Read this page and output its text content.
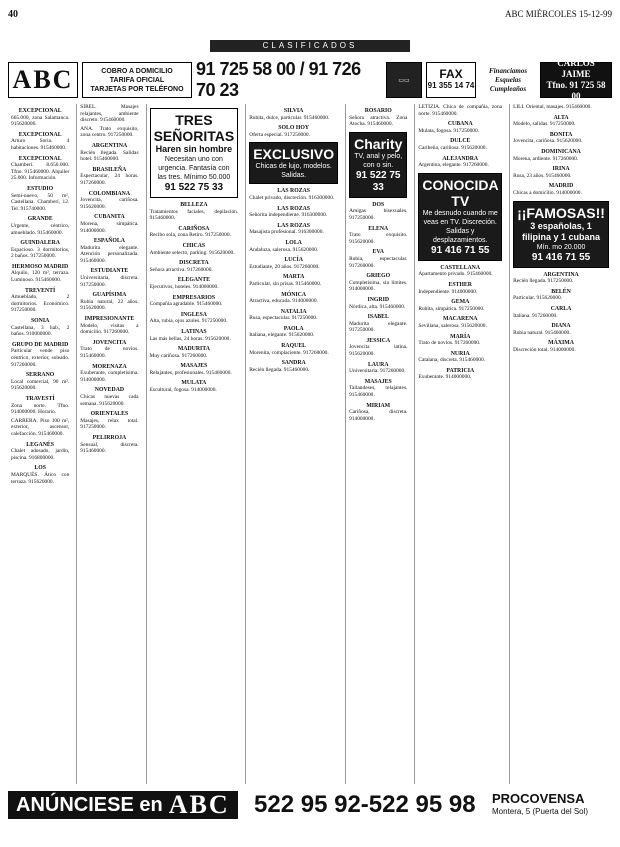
40	ABC MIÉRCOLES 15-12-99
CLASIFICADOS
ABC	COBRO A DOMICILIO
TARIFA OFICIAL
TARJETAS POR TELÉFONO
91 725 58 00 / 91 726 70 23	▭▭	FAX
91 355 14 74
Financiamos
Esquelas
Cumpleaños
CARLOS
JAIME
Tfno. 91 725 58 00
EXCEPCIONAL
665.000, zona Salamanca. 915620006.
EXCEPCIONAL
Arturo Soria. 4 habitaciones. 915460000.
EXCEPCIONAL
Chamberí. 8.650.000. Tfno. 915460000. Alquiler 25.000. Información.
ESTUDIO
Semi-nuevo, 50 m², Castellana. Chamberí, 12. Tel. 915740000.
GRANDE
Urgente, céntrico, amueblado. 915460000.
GUINDALERA
Espacioso. 3 dormitorios, 2 baños. 917250000.
HERMOSO MADRID
Alquilo, 120 m², terraza. Luminoso. 915460000.
TREVENTÍ
Amueblado, 2 dormitorios. Económico. 917250000.
SONIA
Castellana, 3 hab., 2 baños. 910000000.
GRUPO DE MADRID
Particular vende piso céntrico, exterior, soleado. 917260000.
SERRANO
Local comercial, 90 m². 915620000.
TRAVESTÍ
Zona norte. Tfno. 914000000. Horario.
CARRERA. Piso 100 m², exterior, ascensor, calefacción. 915460000.
LEGANÉS
Chalet adosado, jardín, piscina. 916800000.
LOS
MARQUÉS. Ático con terraza. 915620000.
SIREL. Masajes relajantes, ambiente discreto. 915460000.
ANA. Trato exquisito, zona centro. 917250000.
ARGENTINA
Recién llegada. Salidas hotel. 915460000.
BRASILEÑA
Espectacular, 24 horas. 917260000.
COLOMBIANA
Jovencita, cariñosa. 915620000.
CUBANITA
Morena, simpática. 914000000.
ESPAÑOLA
Madurita elegante. Atención personalizada. 915460000.
ESTUDIANTE
Universitaria, discreta. 917250000.
GUAPÍSIMA
Rubia natural, 22 años. 915620000.
IMPRESIONANTE
Modelo, visitas a domicilio. 917260000.
JOVENCITA
Trato de novios. 915460000.
MORENAZA
Exuberante, completísima. 914000000.
NOVEDAD
Chicas nuevas cada semana. 915620000.
ORIENTALES
Masajes, relax total. 917250000.
PELIRROJA
Sensual, discreta. 915460000.
TRES SEÑORITAS
Haren sin hombre
Necesitan uno con urgencia. Fantasía con las tres. Mínimo 50.000
91 522 75 33
BELLEZA
Tratamientos faciales, depilación. 915460000.
CARIÑOSA
Recibo sola, zona Retiro. 917250000.
CHICAS
Ambiente selecto, parking. 915620000.
DISCRETA
Señora atractiva. 917260000.
ELEGANTE
Ejecutivos, hoteles. 914000000.
EMPRESARIOS
Compañía agradable. 915460000.
INGLESA
Alta, rubia, ojos azules. 917250000.
LATINAS
Las más bellas, 24 horas. 915620000.
MADURITA
Muy cariñosa. 917260000.
MASAJES
Relajantes, profesionales. 915460000.
MULATA
Escultural, fogosa. 914000000.
SILVIA
Rubita, dulce, particular. 915460000.
SOLO HOY
Oferta especial. 917250000.
EXCLUSIVO
Chicas de lujo, modelos. Salidas.
LAS ROZAS
Chalet privado, discreción. 916300000.
LAS ROZAS
Señorita independiente. 916300000.
LAS ROZAS
Masajista profesional. 916300000.
LOLA
Andaluza, salerosa. 915620000.
LUCÍA
Estudiante, 20 años. 917260000.
MARTA
Particular, sin prisas. 915460000.
MÓNICA
Atractiva, educada. 914000000.
NATALIA
Rusa, espectacular. 917250000.
PAOLA
Italiana, elegante. 915620000.
RAQUEL
Morenita, complaciente. 917260000.
SANDRA
Recién llegada. 915460000.
ROSARIO
Señora atractiva. Zona Atocha. 915460000.
Charity
TV, anal y pelo, con o sin.
91 522 75 33
DOS
Amigas bisexuales. 917250000.
ELENA
Trato exquisito. 915620000.
EVA
Rubia, espectacular. 917260000.
GRIEGO
Completísima, sin límites. 914000000.
INGRID
Nórdica, alta. 915460000.
ISABEL
Madurita elegante. 917250000.
JESSICA
Jovencita latina. 915620000.
LAURA
Universitaria. 917260000.
MASAJES
Tailandeses, relajantes. 915460000.
MIRIAM
Cariñosa, discreta. 914000000.
LETIZIA. Chica de compañía, zona norte. 915460000.
CUBANA
Mulata, fogosa. 917250000.
DULCE
Caribeña, cariñosa. 915620000.
ALEJANDRA
Argentina, elegante. 917260000.
CONOCIDA TV
Me desnudo cuando me veas en TV. Discreción. Salidas y desplazamientos.
91 416 71 55
CASTELLANA
Apartamento privado. 915460000.
ESTHER
Independiente. 914000000.
GEMA
Rubita, simpática. 917250000.
MACARENA
Sevillana, salerosa. 915620000.
MARÍA
Trato de novios. 917260000.
NURIA
Catalana, discreta. 915460000.
PATRICIA
Exuberante. 914000000.
LILI. Oriental, masajes. 915460000.
ALTA
Modelo, salidas. 917250000.
BONITA
Jovencita, cariñosa. 915620000.
DOMINICANA
Morena, ardiente. 917260000.
IRINA
Rusa, 23 años. 915460000.
MADRID
Chicas a domicilio. 914000000.
¡¡FAMOSAS!!
3 españolas, 1 filipina y 1 cubana
Mín. mo 20.000
91 416 71 55
ARGENTINA
Recién llegada. 917250000.
BELÉN
Particular. 915620000.
CARLA
Italiana. 917260000.
DIANA
Rubia natural. 915460000.
MÁXIMA
Discreción total. 914000000.
ANÚNCIESE en ABC	522 95 92-522 95 98	PROCOVENSA
Montera, 5 (Puerta del Sol)
